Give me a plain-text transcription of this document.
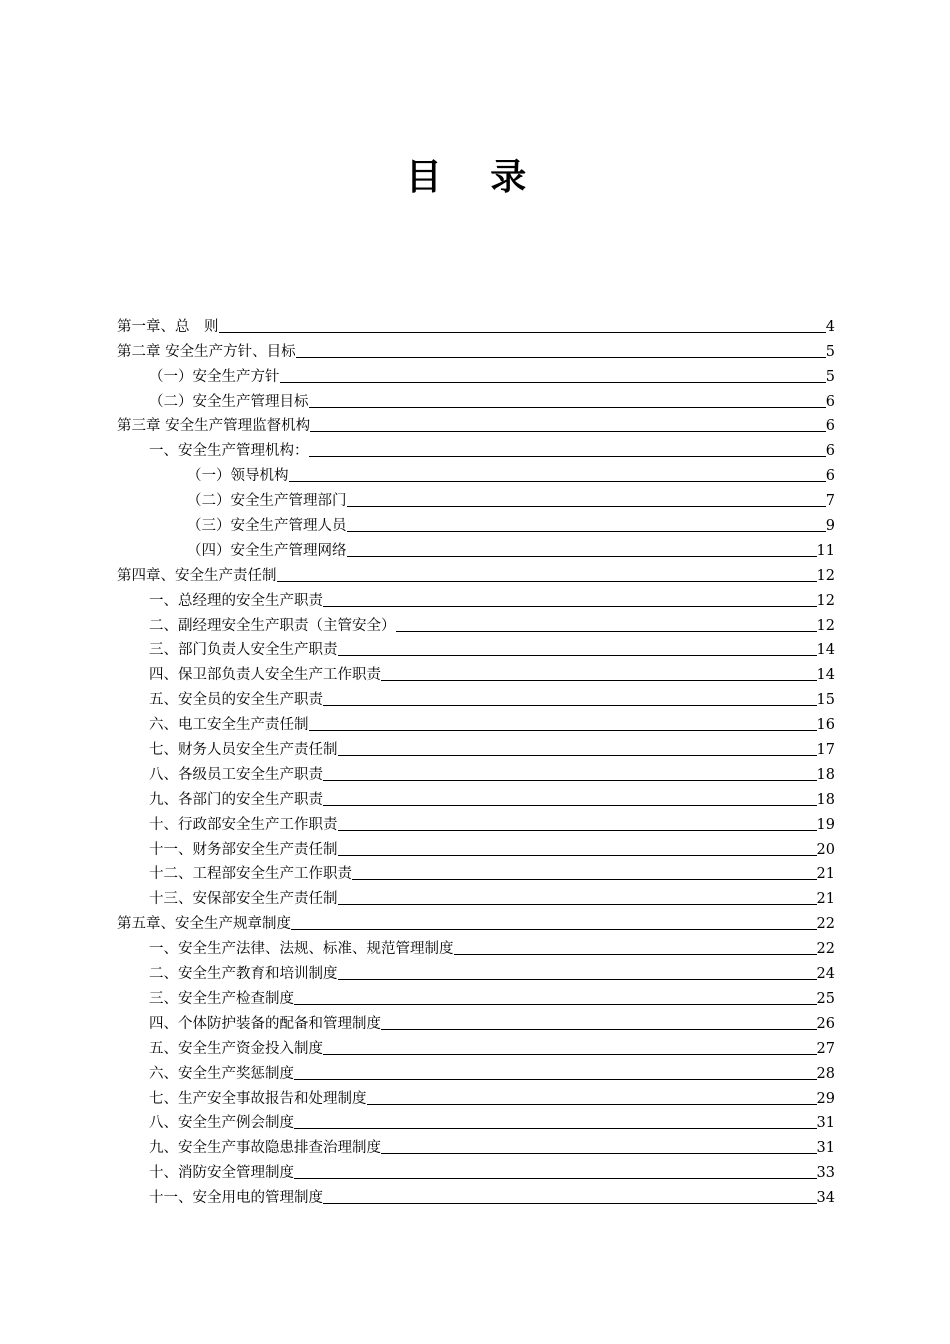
目 录
第一章、总　则	4
第二章 安全生产方针、目标	5
（一）安全生产方针	5
（二）安全生产管理目标	6
第三章 安全生产管理监督机构	6
一、安全生产管理机构：	6
（一）领导机构	6
（二）安全生产管理部门	7
（三）安全生产管理人员	9
（四）安全生产管理网络	11
第四章、安全生产责任制	12
一、总经理的安全生产职责	12
二、副经理安全生产职责（主管安全）	12
三、部门负责人安全生产职责	14
四、保卫部负责人安全生产工作职责	14
五、安全员的安全生产职责	15
六、电工安全生产责任制	16
七、财务人员安全生产责任制	17
八、各级员工安全生产职责	18
九、各部门的安全生产职责	18
十、行政部安全生产工作职责	19
十一、财务部安全生产责任制	20
十二、工程部安全生产工作职责	21
十三、安保部安全生产责任制	21
第五章、安全生产规章制度	22
一、安全生产法律、法规、标准、规范管理制度	22
二、安全生产教育和培训制度	24
三、安全生产检查制度	25
四、个体防护装备的配备和管理制度	26
五、安全生产资金投入制度	27
六、安全生产奖惩制度	28
七、生产安全事故报告和处理制度	29
八、安全生产例会制度	31
九、安全生产事故隐患排查治理制度	31
十、消防安全管理制度	33
十一、安全用电的管理制度	34
